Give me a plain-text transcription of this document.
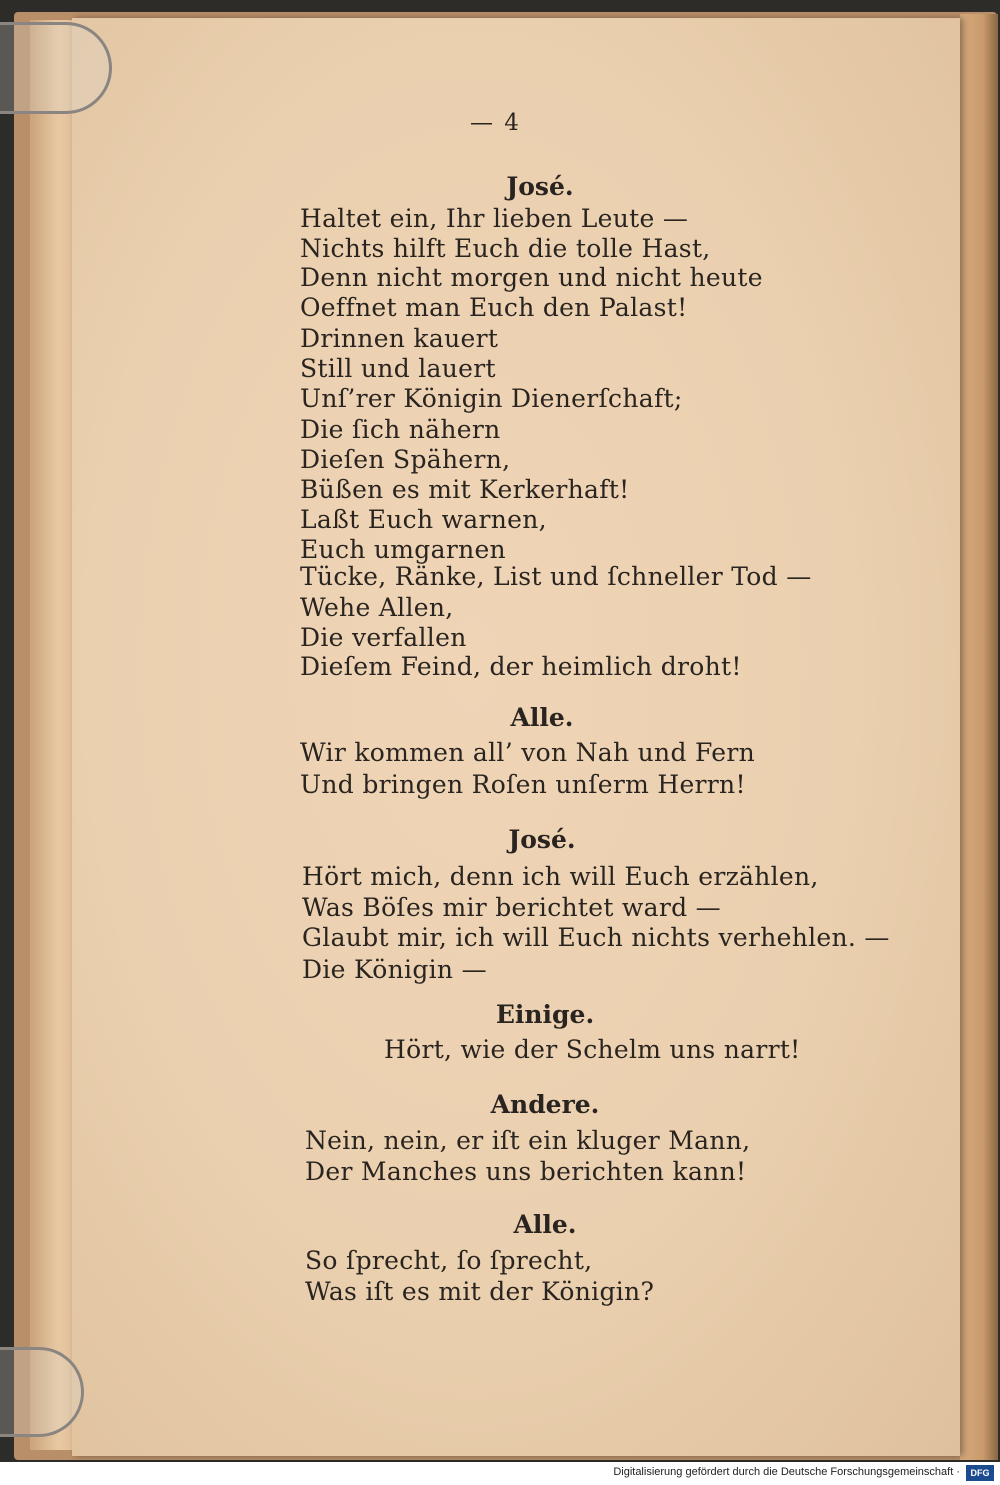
— 4
José.
Haltet ein, Ihr lieben Leute —
Nichts hilft Euch die tolle Hast,
Denn nicht morgen und nicht heute
Oeffnet man Euch den Palast!
Drinnen kauert
Still und lauert
Unſ’rer Königin Dienerſchaft;
Die ſich nähern
Dieſen Spähern,
Büßen es mit Kerkerhaft!
Laßt Euch warnen,
Euch umgarnen
Tücke, Ränke, List und ſchneller Tod —
Wehe Allen,
Die verfallen
Dieſem Feind, der heimlich droht!
Alle.
Wir kommen all’ von Nah und Fern
Und bringen Roſen unſerm Herrn!
José.
Hört mich, denn ich will Euch erzählen,
Was Böſes mir berichtet ward —
Glaubt mir, ich will Euch nichts verhehlen. —
Die Königin —
Einige.
Hört, wie der Schelm uns narrt!
Andere.
Nein, nein, er iſt ein kluger Mann,
Der Manches uns berichten kann!
Alle.
So ſprecht, ſo ſprecht,
Was iſt es mit der Königin?
Digitalisierung gefördert durch die Deutsche Forschungsgemeinschaft ·	DFG
